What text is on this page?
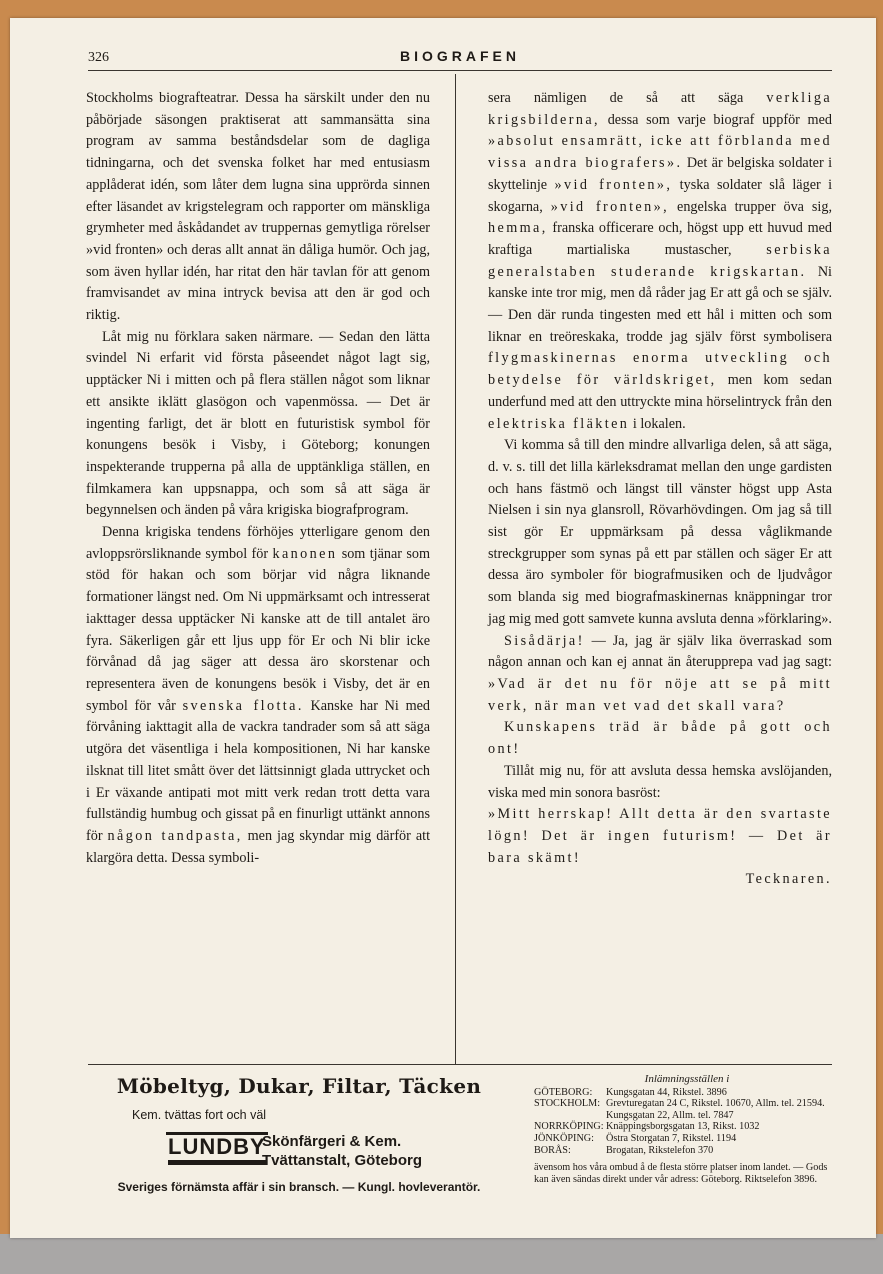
326	BIOGRAFEN

Stockholms biografteatrar. Dessa ha särskilt under den nu påbörjade säsongen praktiserat att sammansätta sina program av samma beståndsdelar som de dagliga tidningarna, och det svenska folket har med entusiasm applåderat idén, som låter dem lugna sina upprörda sinnen efter läsandet av krigstelegram och rapporter om mänskliga grymheter med åskådandet av truppernas gemytliga rörelser »vid fronten» och deras allt annat än dåliga humör. Och jag, som även hyllar idén, har ritat den här tavlan för att genom framvisandet av mina intryck bevisa att den är god och riktig.

Låt mig nu förklara saken närmare. — Sedan den lätta svindel Ni erfarit vid första påseendet något lagt sig, upptäcker Ni i mitten och på flera ställen något som liknar ett ansikte iklätt glasögon och vapenmössa. — Det är ingenting farligt, det är blott en futuristisk symbol för konungens besök i Visby, i Göteborg; konungen inspekterande trupperna på alla de upptänkliga ställen, en filmkamera kan uppsnappa, och som så att säga är begynnelsen och änden på våra krigiska biografprogram.

Denna krigiska tendens förhöjes ytterligare genom den avloppsrörsliknande symbol för kanonen som tjänar som stöd för hakan och som börjar vid några liknande formationer längst ned. Om Ni uppmärksamt och intresserat iakttager dessa upptäcker Ni kanske att de till antalet äro fyra. Säkerligen går ett ljus upp för Er och Ni blir icke förvånad då jag säger att dessa äro skorstenar och representera även de konungens besök i Visby, det är en symbol för vår svenska flotta. Kanske har Ni med förvåning iakttagit alla de vackra tandrader som så att säga utgöra det väsentliga i hela kompositionen, Ni har kanske ilsknat till litet smått över det lättsinnigt glada uttrycket och i Er växande antipati mot mitt verk redan trott detta vara fullständig humbug och gissat på en finurligt uttänkt annons för någon tandpasta, men jag skyndar mig därför att klargöra detta. Dessa symboli-

sera nämligen de så att säga verkliga krigsbilderna, dessa som varje biograf uppför med »absolut ensamrätt, icke att förblanda med vissa andra biografers». Det är belgiska soldater i skyttelinje »vid fronten», tyska soldater slå läger i skogarna, »vid fronten», engelska trupper öva sig, hemma, franska officerare och, högst upp ett huvud med kraftiga martialiska mustascher, serbiska generalstaben studerande krigskartan. Ni kanske inte tror mig, men då råder jag Er att gå och se själv. — Den där runda tingesten med ett hål i mitten och som liknar en treöreskaka, trodde jag själv först symbolisera flygmaskinernas enorma utveckling och betydelse för världskriget, men kom sedan underfund med att den uttryckte mina hörselintryck från den elektriska fläkten i lokalen.

Vi komma så till den mindre allvarliga delen, så att säga, d. v. s. till det lilla kärleksdramat mellan den unge gardisten och hans fästmö och längst till vänster högst upp Asta Nielsen i sin nya glansroll, Rövarhövdingen. Om jag så till sist gör Er uppmärksam på dessa våglikmande streckgrupper som synas på ett par ställen och säger Er att dessa äro symboler för biografmusiken och de ljudvågor som blanda sig med biografmaskinernas knäppningar tror jag mig med gott samvete kunna avsluta denna »förklaring».

Sisådärja! — Ja, jag är själv lika överraskad som någon annan och kan ej annat än återupprepa vad jag sagt: »Vad är det nu för nöje att se på mitt verk, när man vet vad det skall vara?

Kunskapens träd är både på gott och ont!

Tillåt mig nu, för att avsluta dessa hemska avslöjanden, viska med min sonora basröst:

»Mitt herrskap! Allt detta är den svartaste lögn! Det är ingen futurism! — Det är bara skämt!

Tecknaren.

Möbeltyg, Dukar, Filtar, Täcken

Kem. tvättas fort och väl

LUNDBY
Skönfärgeri & Kem.
Tvättanstalt, Göteborg
Sveriges förnämsta affär i sin bransch. — Kungl. hovleverantör.
Inlämningsställen i
GÖTEBORG:	Kungsgatan 44, Rikstel. 3896
STOCKHOLM:	Grevturegatan 24 C, Rikstel. 10670, Allm. tel. 21594. Kungsgatan 22, Allm. tel. 7847
NORRKÖPING:	Knäppingsborgsgatan 13, Rikst. 1032
JÖNKÖPING:	Östra Storgatan 7, Rikstel. 1194
BORÅS:	Brogatan, Rikstelefon 370
ävensom hos våra ombud å de flesta större platser inom landet. — Gods kan även sändas direkt under vår adress: Göteborg. Riktselefon 3896.
